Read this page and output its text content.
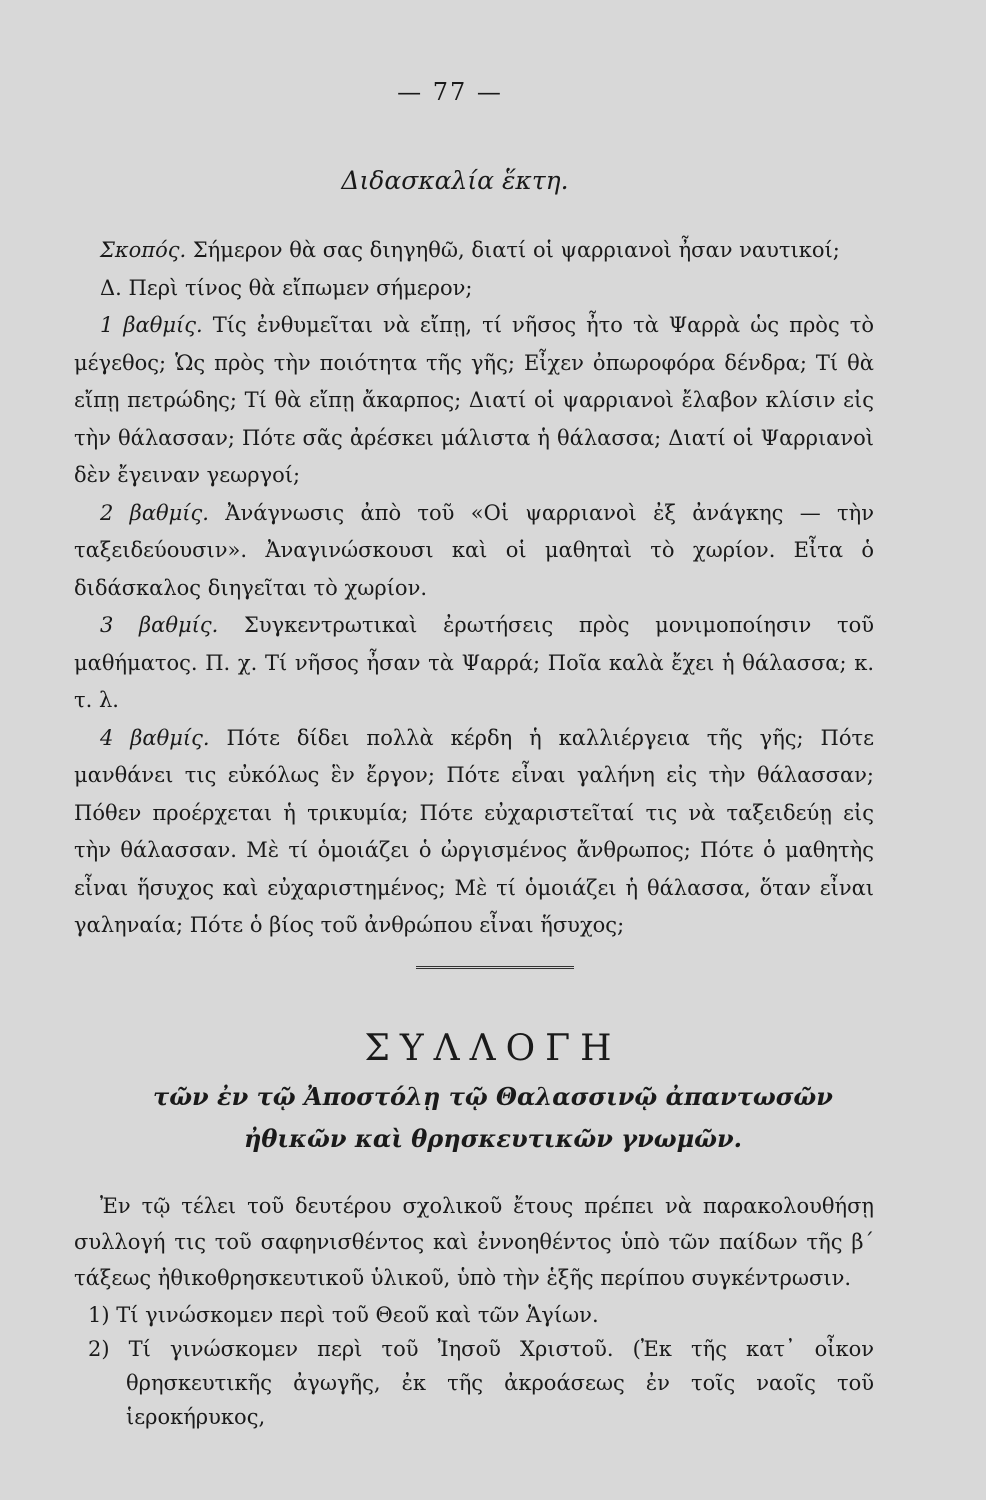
— 77 —
Διδασκαλία ἕκτη.

Σκοπός. Σήμερον θὰ σας διηγηθῶ, διατί οἱ ψαρριανοὶ ἦσαν ναυτικοί;

Δ. Περὶ τίνος θὰ εἴπωμεν σήμερον;

1 βαθμίς. Τίς ἐνθυμεῖται νὰ εἴπῃ, τί νῆσος ἦτο τὰ Ψαρρὰ ὡς πρὸς τὸ μέγεθος; Ὡς πρὸς τὴν ποιότητα τῆς γῆς; Εἶχεν ὀπωροφόρα δένδρα; Τί θὰ εἴπῃ πετρώδης; Τί θὰ εἴπῃ ἄκαρπος; Διατί οἱ ψαρριανοὶ ἔλαβον κλίσιν εἰς τὴν θάλασσαν; Πότε σᾶς ἀρέσκει μάλιστα ἡ θάλασσα; Διατί οἱ Ψαρριανοὶ δὲν ἔγειναν γεωργοί;

2 βαθμίς. Ἀνάγνωσις ἀπὸ τοῦ «Οἱ ψαρριανοὶ ἐξ ἀνάγκης — τὴν ταξειδεύουσιν». Ἀναγινώσκουσι καὶ οἱ μαθηταὶ τὸ χωρίον. Εἶτα ὁ διδάσκαλος διηγεῖται τὸ χωρίον.

3 βαθμίς. Συγκεντρωτικαὶ ἐρωτήσεις πρὸς μονιμοποίησιν τοῦ μαθήματος. Π. χ. Τί νῆσος ἦσαν τὰ Ψαρρά; Ποῖα καλὰ ἔχει ἡ θάλασσα; κ. τ. λ.

4 βαθμίς. Πότε δίδει πολλὰ κέρδη ἡ καλλιέργεια τῆς γῆς; Πότε μανθάνει τις εὐκόλως ἓν ἔργον; Πότε εἶναι γαλήνη εἰς τὴν θάλασσαν; Πόθεν προέρχεται ἡ τρικυμία; Πότε εὐχαριστεῖταί τις νὰ ταξειδεύῃ εἰς τὴν θάλασσαν. Μὲ τί ὁμοιάζει ὁ ὠργισμένος ἄνθρωπος; Πότε ὁ μαθητὴς εἶναι ἥσυχος καὶ εὐχαριστημένος; Μὲ τί ὁμοιάζει ἡ θάλασσα, ὅταν εἶναι γαληναία; Πότε ὁ βίος τοῦ ἀνθρώπου εἶναι ἥσυχος;

ΣΥΛΛΟΓΗ
τῶν ἐν τῷ Ἀποστόλῃ τῷ Θαλασσινῷ ἀπαντωσῶν
ἠθικῶν καὶ θρησκευτικῶν γνωμῶν.

Ἐν τῷ τέλει τοῦ δευτέρου σχολικοῦ ἔτους πρέπει νὰ παρακολουθήσῃ συλλογή τις τοῦ σαφηνισθέντος καὶ ἐννοηθέντος ὑπὸ τῶν παίδων τῆς β΄ τάξεως ἠθικοθρησκευτικοῦ ὑλικοῦ, ὑπὸ τὴν ἑξῆς περίπου συγκέντρωσιν.

1) Τί γινώσκομεν περὶ τοῦ Θεοῦ καὶ τῶν Ἁγίων.

2) Τί γινώσκομεν περὶ τοῦ Ἰησοῦ Χριστοῦ. (Ἐκ τῆς κατ᾽ οἶκον θρησκευτικῆς ἀγωγῆς, ἐκ τῆς ἀκροάσεως ἐν τοῖς ναοῖς τοῦ ἱεροκήρυκος,
